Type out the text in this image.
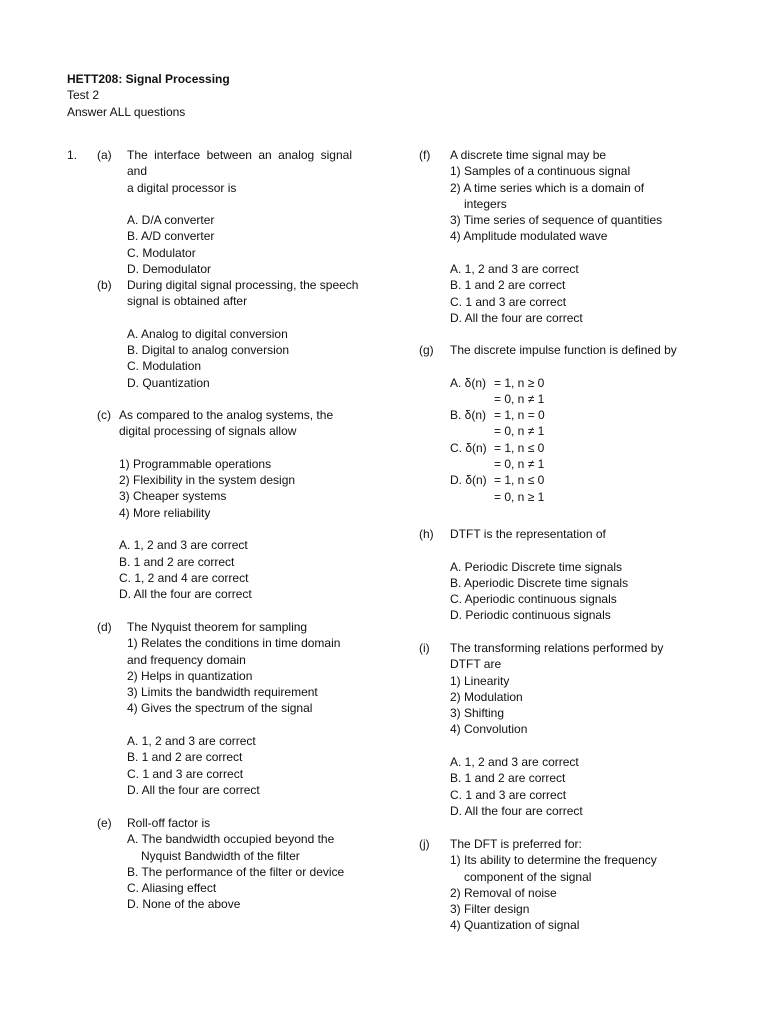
HETT208: Signal Processing
Test 2
Answer ALL questions
1.	(a)	The interface between an analog signal and
a digital processor is
A. D/A converter
B. A/D converter
C. Modulator
D. Demodulator
(b)	During digital signal processing, the speech
signal is obtained after
A. Analog to digital conversion
B. Digital to analog conversion
C. Modulation
D. Quantization
(c) As compared to the analog systems, the
digital processing of signals allow
1) Programmable operations
2) Flexibility in the system design
3) Cheaper systems
4) More reliability
A. 1, 2 and 3 are correct
B. 1 and 2 are correct
C. 1, 2 and 4 are correct
D. All the four are correct
(d)	The Nyquist theorem for sampling
1) Relates the conditions in time domain
and frequency domain
2) Helps in quantization
3) Limits the bandwidth requirement
4) Gives the spectrum of the signal
A. 1, 2 and 3 are correct
B. 1 and 2 are correct
C. 1 and 3 are correct
D. All the four are correct
(e)	Roll-off factor is
A. The bandwidth occupied beyond the
Nyquist Bandwidth of the filter
B. The performance of the filter or device
C. Aliasing effect
D. None of the above
(f)	A discrete time signal may be
1) Samples of a continuous signal
2) A time series which is a domain of
integers
3) Time series of sequence of quantities
4) Amplitude modulated wave
A. 1, 2 and 3 are correct
B. 1 and 2 are correct
C. 1 and 3 are correct
D. All the four are correct
(g)	The discrete impulse function is defined by
A. δ(n) = 1, n ≥ 0
= 0, n ≠ 1
B. δ(n) = 1, n = 0
= 0, n ≠ 1
C. δ(n) = 1, n ≤ 0
= 0, n ≠ 1
D. δ(n) = 1, n ≤ 0
= 0, n ≥ 1
(h)	DTFT is the representation of
A. Periodic Discrete time signals
B. Aperiodic Discrete time signals
C. Aperiodic continuous signals
D. Periodic continuous signals
(i)	The transforming relations performed by
DTFT are
1) Linearity
2) Modulation
3) Shifting
4) Convolution
A. 1, 2 and 3 are correct
B. 1 and 2 are correct
C. 1 and 3 are correct
D. All the four are correct
(j)	The DFT is preferred for:
1) Its ability to determine the frequency
component of the signal
2) Removal of noise
3) Filter design
4) Quantization of signal
